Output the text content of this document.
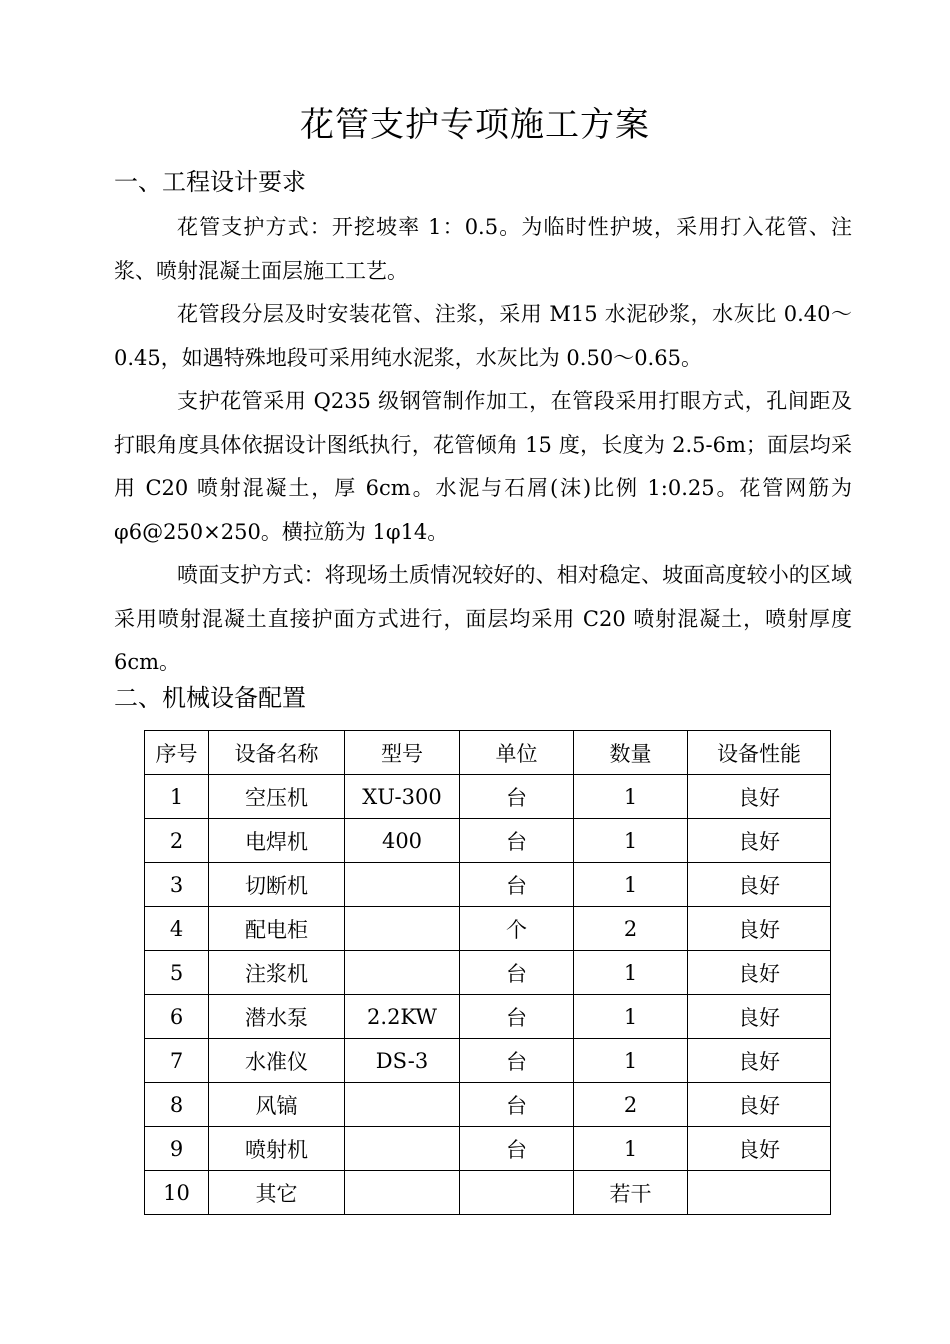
花管支护专项施工方案
一、工程设计要求
花管支护方式：开挖坡率 1：0.5。为临时性护坡，采用打入花管、注浆、喷射混凝土面层施工工艺。
花管段分层及时安装花管、注浆，采用 M15 水泥砂浆，水灰比 0.40～0.45，如遇特殊地段可采用纯水泥浆，水灰比为 0.50～0.65。
支护花管采用 Q235 级钢管制作加工，在管段采用打眼方式，孔间距及打眼角度具体依据设计图纸执行，花管倾角 15 度，长度为 2.5-6m；面层均采用 C20 喷射混凝土，厚 6cm。水泥与石屑(沫)比例 1:0.25。花管网筋为φ6@250×250。横拉筋为 1φ14。
喷面支护方式：将现场土质情况较好的、相对稳定、坡面高度较小的区域采用喷射混凝土直接护面方式进行，面层均采用 C20 喷射混凝土，喷射厚度 6cm。
二、机械设备配置
序号	设备名称	型号	单位	数量	设备性能
1	空压机	XU-300	台	1	良好
2	电焊机	400	台	1	良好
3	切断机		台	1	良好
4	配电柜		个	2	良好
5	注浆机		台	1	良好
6	潜水泵	2.2KW	台	1	良好
7	水准仪	DS-3	台	1	良好
8	风镐		台	2	良好
9	喷射机		台	1	良好
10	其它			若干	
